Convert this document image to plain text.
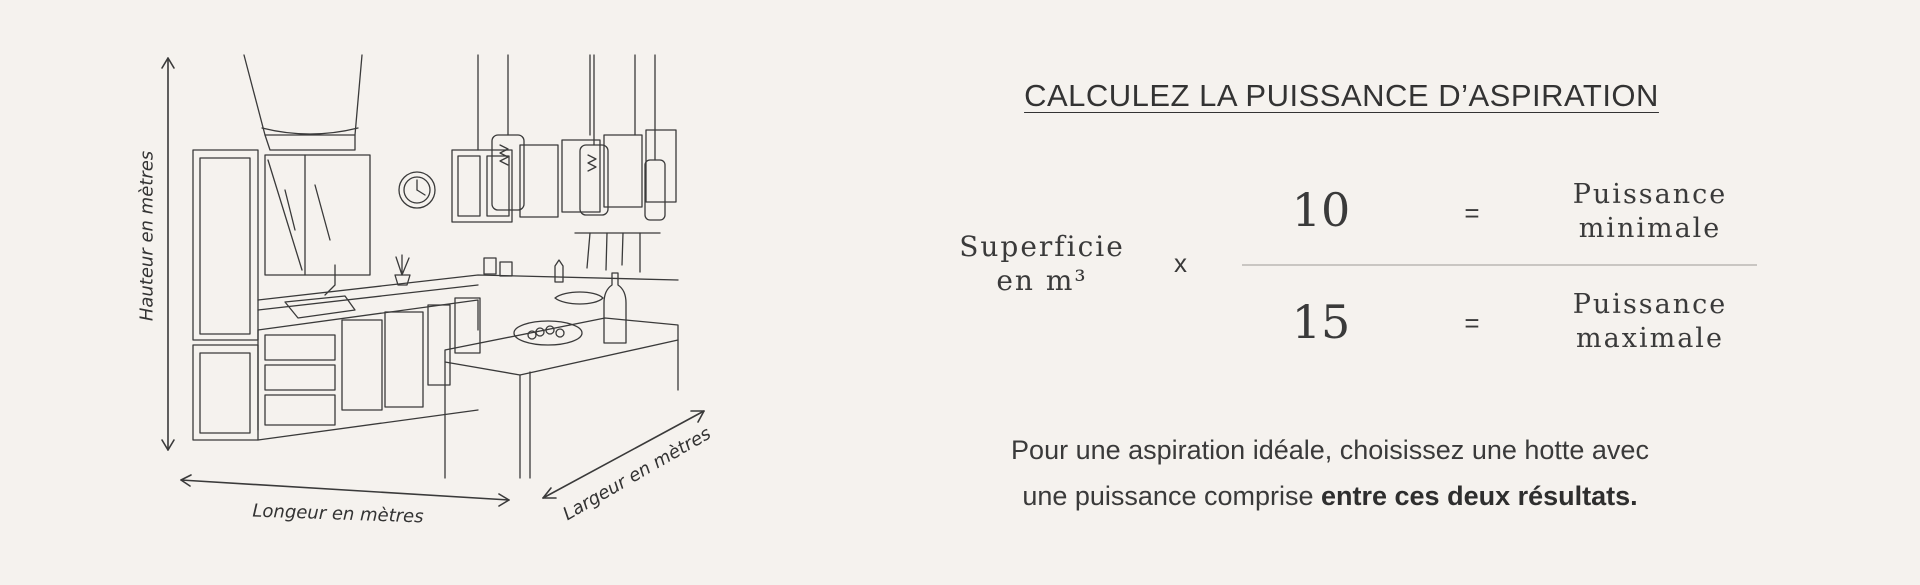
Hauteur en mètres
Longeur en mètres	Largeur en mètres
CALCULEZ LA PUISSANCE D’ASPIRATION
Superficie
en m³
x
10
15
=
=
Puissance
minimale
Puissance
maximale
Pour une aspiration idéale, choisissez une hotte avec
une puissance comprise entre ces deux résultats.
